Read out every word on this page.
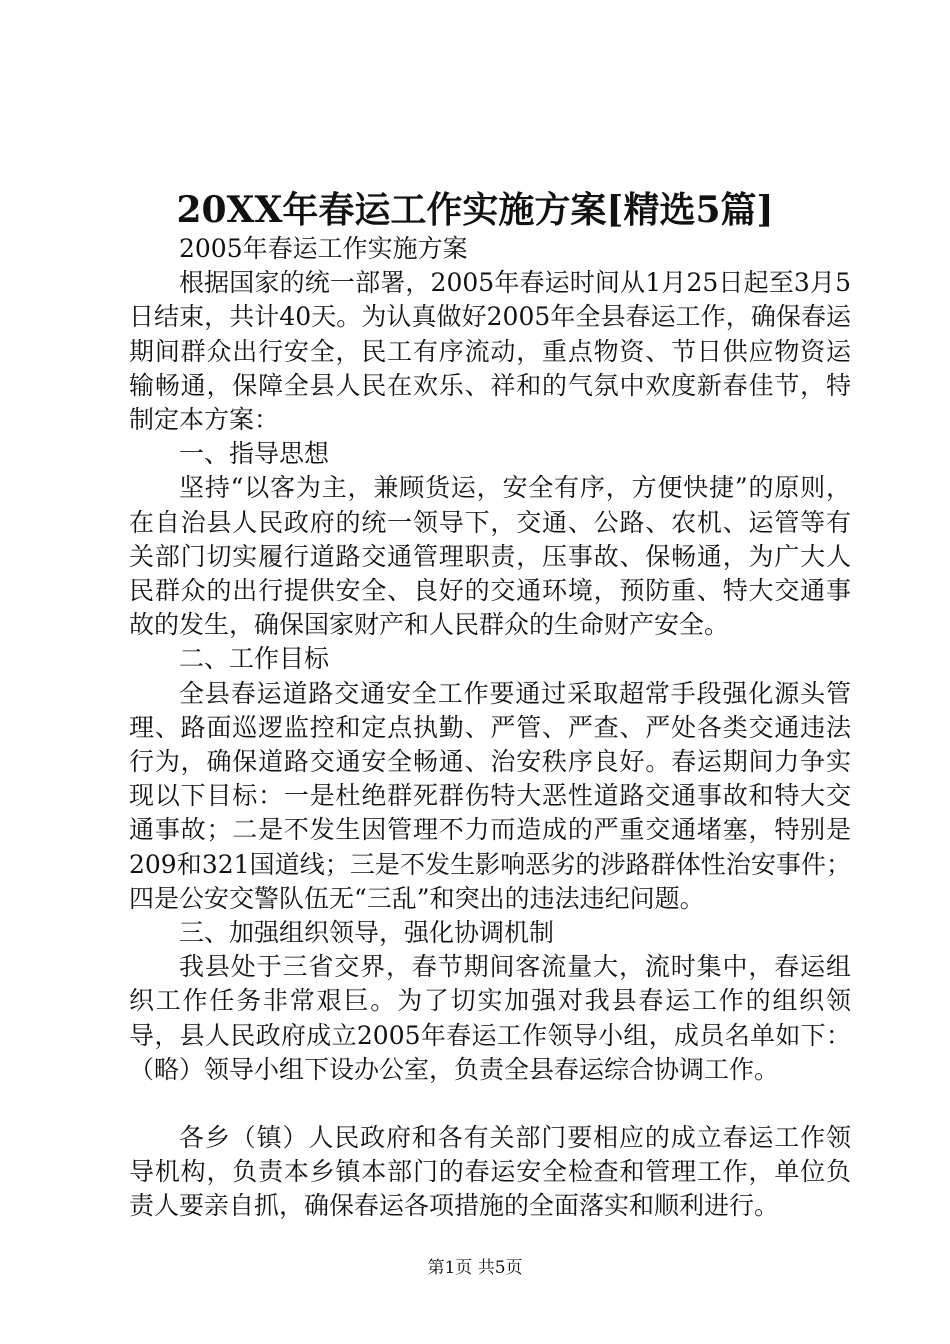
20XX年春运工作实施方案[精选5篇]

2005年春运工作实施方案

根据国家的统一部署，2005年春运时间从1月25日起至3月5日结束，共计40天。为认真做好2005年全县春运工作，确保春运期间群众出行安全，民工有序流动，重点物资、节日供应物资运输畅通，保障全县人民在欢乐、祥和的气氛中欢度新春佳节，特制定本方案：

一、指导思想

坚持“以客为主，兼顾货运，安全有序，方便快捷”的原则，在自治县人民政府的统一领导下，交通、公路、农机、运管等有关部门切实履行道路交通管理职责，压事故、保畅通，为广大人民群众的出行提供安全、良好的交通环境，预防重、特大交通事故的发生，确保国家财产和人民群众的生命财产安全。

二、工作目标

全县春运道路交通安全工作要通过采取超常手段强化源头管理、路面巡逻监控和定点执勤、严管、严查、严处各类交通违法行为，确保道路交通安全畅通、治安秩序良好。春运期间力争实现以下目标：一是杜绝群死群伤特大恶性道路交通事故和特大交通事故；二是不发生因管理不力而造成的严重交通堵塞，特别是209和321国道线；三是不发生影响恶劣的涉路群体性治安事件；四是公安交警队伍无“三乱”和突出的违法违纪问题。

三、加强组织领导，强化协调机制

我县处于三省交界，春节期间客流量大，流时集中，春运组织工作任务非常艰巨。为了切实加强对我县春运工作的组织领导，县人民政府成立2005年春运工作领导小组，成员名单如下：（略）领导小组下设办公室，负责全县春运综合协调工作。

各乡（镇）人民政府和各有关部门要相应的成立春运工作领导机构，负责本乡镇本部门的春运安全检查和管理工作，单位负责人要亲自抓，确保春运各项措施的全面落实和顺利进行。

第1页 共5页
